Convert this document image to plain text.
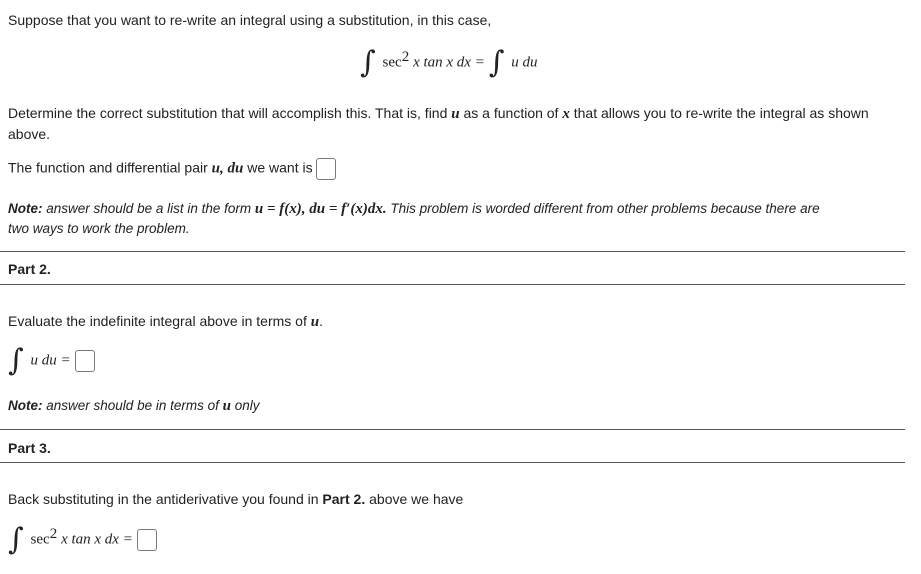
Suppose that you want to re-write an integral using a substitution, in this case,
∫ $\sec^2 x$ tan x dx = ∫ u du
Determine the correct substitution that will accomplish this. That is, find u as a function of x that allows you to re-write the integral as shown
above.
The function and differential pair u, du we want is
Note: answer should be a list in the form u = f(x), du = f′(x)dx. This problem is worded different from other problems because there are
two ways to work the problem.
Part 2.
Evaluate the indefinite integral above in terms of u.
∫ u du =
Note: answer should be in terms of u only
Part 3.
Back substituting in the antiderivative you found in Part 2. above we have
∫ $\sec^2 x$ tan x dx =
